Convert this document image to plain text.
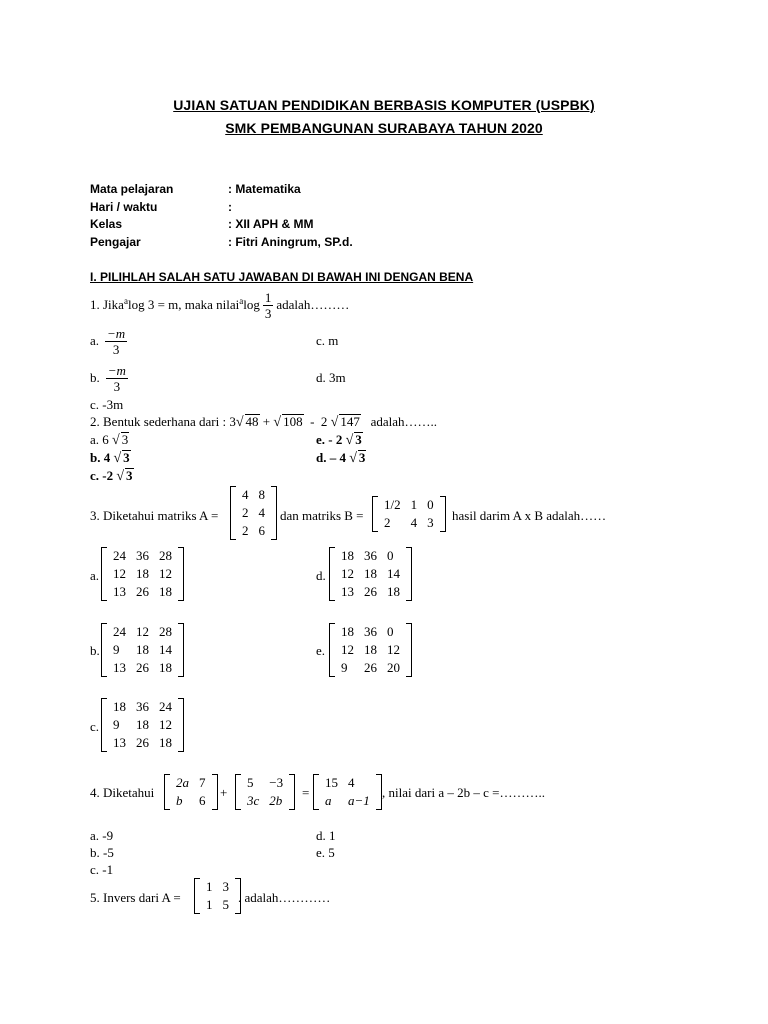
UJIAN SATUAN PENDIDIKAN BERBASIS KOMPUTER (USPBK)
SMK PEMBANGUNAN SURABAYA TAHUN 2020
Mata pelajaran	: Matematika
Hari / waktu	:
Kelas	: XII APH & MM
Pengajar	: Fitri Aningrum, SP.d.
I. PILIHLAH SALAH SATU JAWABAN DI BAWAH INI DENGAN BENA
1. Jika $^a$ log 3 = m, maka nilai $^a$ $\log \frac{1}{3}$ adalah………
a. $\frac{-m}{3}$	c. m
b. $\frac{-m}{3}$	d. 3m
c. -3m
2. Bentuk sederhana dari : 3√ 48 + √ 108  -  2 √ 147   adalah……..
a. 6 √ 3	e. - 2 √ 3
b. 4 √ 3	d. – 4 √ 3
c. -2 √ 3
3. Diketahui matriks A =
4	8
2	4
2	6
dan matriks B =
1/2	1	0
2	4	3 hasil darim A x B adalah……
a.
24	36	28
12	18	12
13	26	18
d.
18	36	0
12	18	14
13	26	18
b.
24	12	28
9	18	14
13	26	18
e.
18	36	0
12	18	12
9	26	20
c.
18	36	24
9	18	12
13	26	18
4. Diketahui
2a	7
b	6
+
5	−3
3c	2b
=
15	4
a	a−1
, nilai dari a – 2b – c =………..
a. -9	d. 1
b. -5	e. 5
c. -1
5. Invers dari A =
1	3
1	5 . adalah…………
